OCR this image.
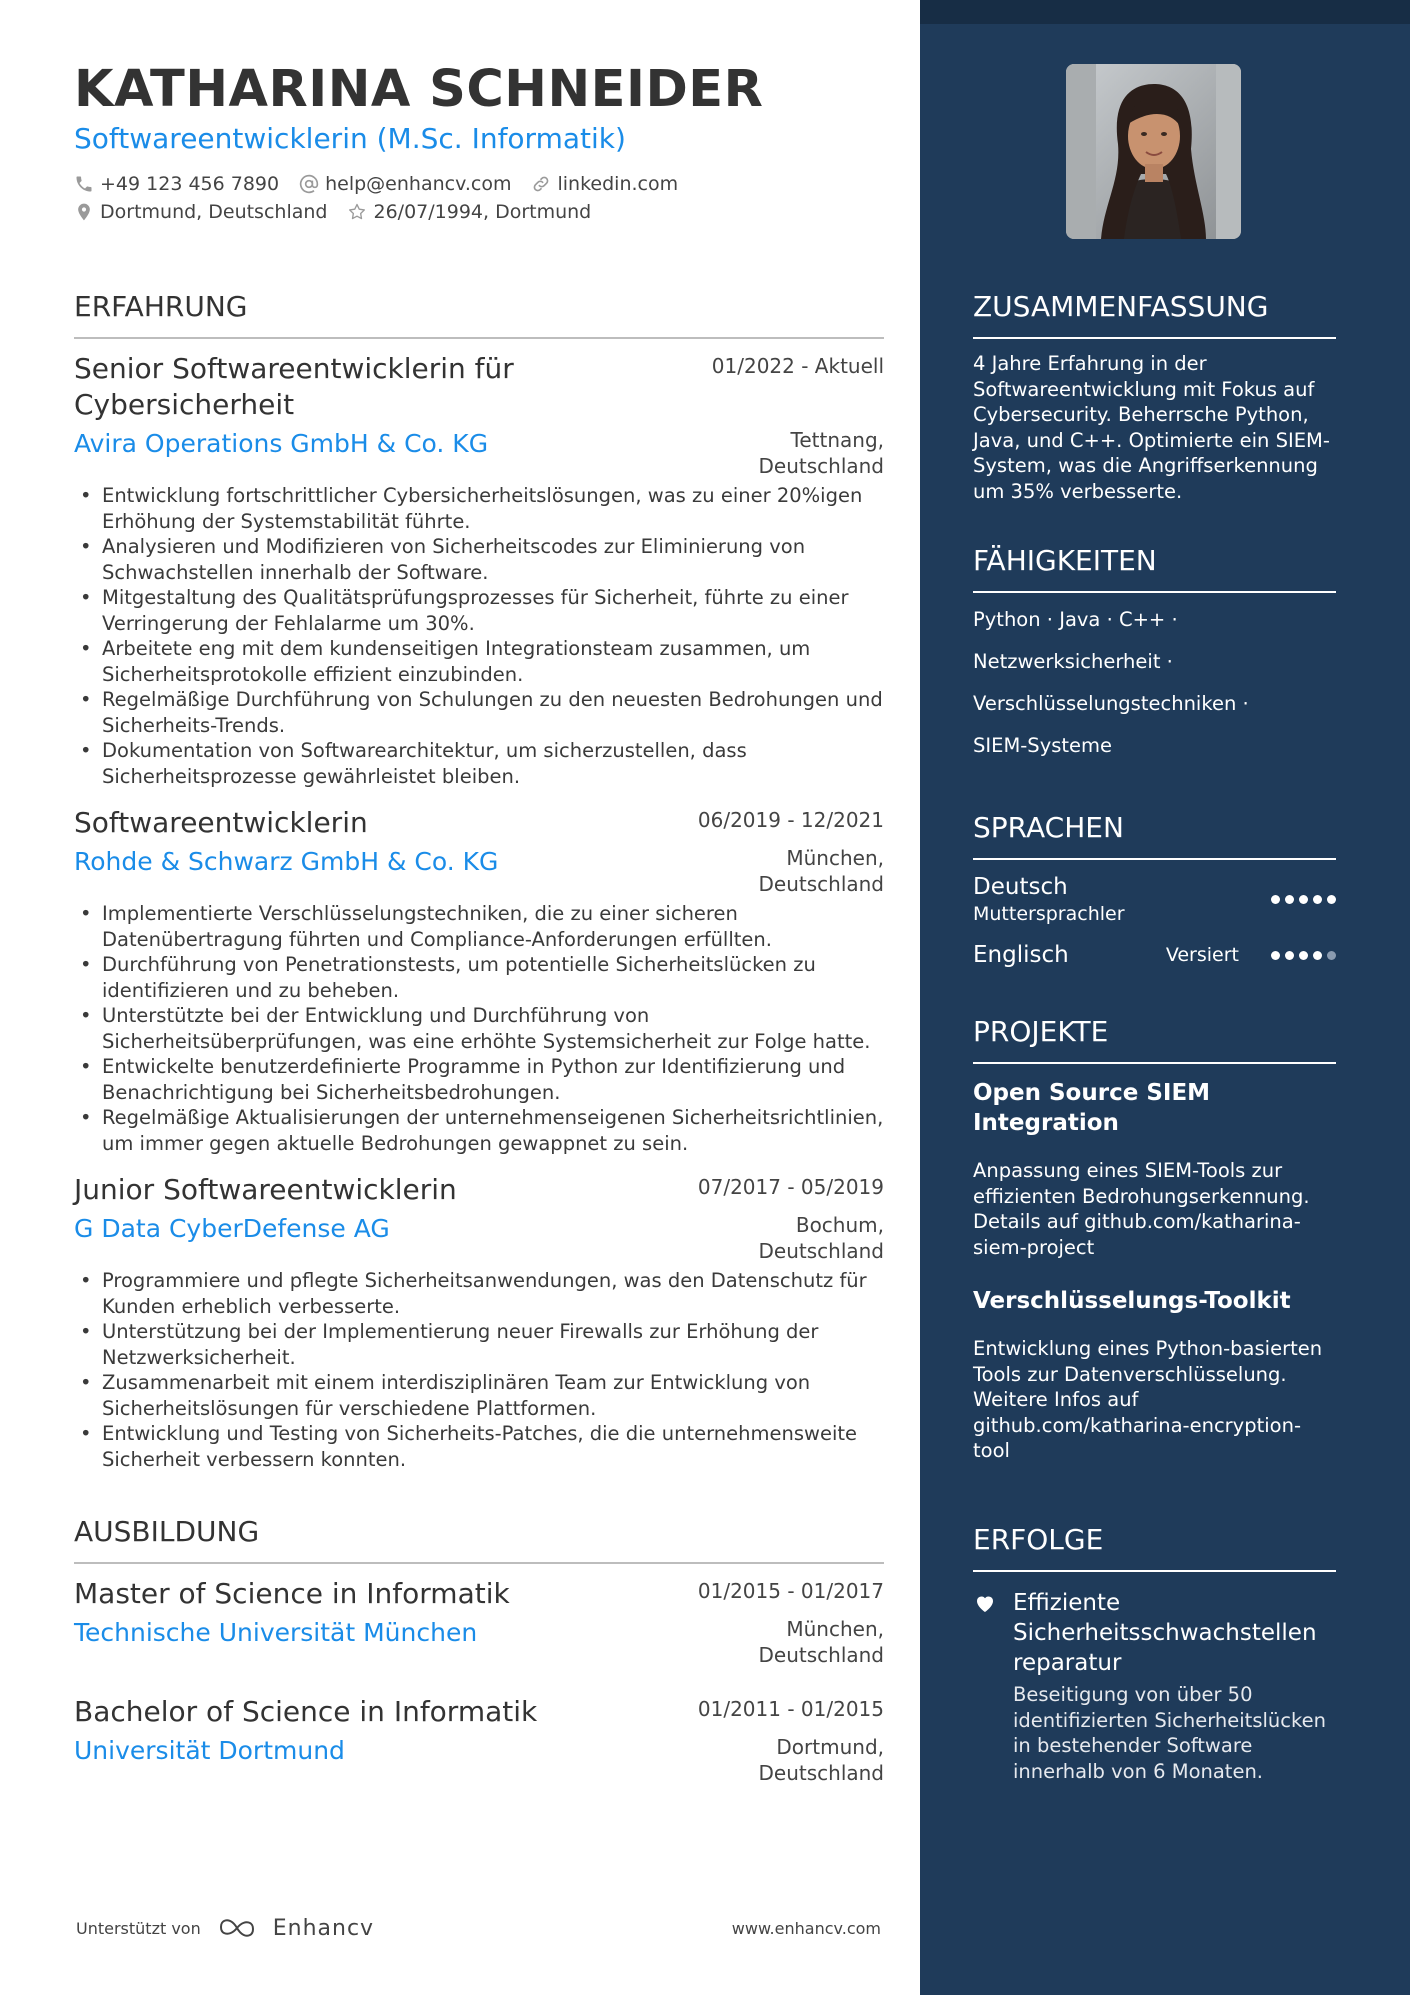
KATHARINA SCHNEIDER
Softwareentwicklerin (M.Sc. Informatik)
+49 123 456 7890 help@enhancv.com linkedin.com
Dortmund, Deutschland 26/07/1994, Dortmund
ERFAHRUNG
Senior Softwareentwicklerin für Cybersicherheit
01/2022 - Aktuell
Avira Operations GmbH & Co. KG	Tettnang,
Deutschland
• Entwicklung fortschrittlicher Cybersicherheitslösungen, was zu einer 20%igen Erhöhung der Systemstabilität führte.
• Analysieren und Modifizieren von Sicherheitscodes zur Eliminierung von Schwachstellen innerhalb der Software.
• Mitgestaltung des Qualitätsprüfungsprozesses für Sicherheit, führte zu einer Verringerung der Fehlalarme um 30%.
• Arbeitete eng mit dem kundenseitigen Integrationsteam zusammen, um Sicherheitsprotokolle effizient einzubinden.
• Regelmäßige Durchführung von Schulungen zu den neuesten Bedrohungen und Sicherheits-Trends.
• Dokumentation von Softwarearchitektur, um sicherzustellen, dass Sicherheitsprozesse gewährleistet bleiben.
Softwareentwicklerin	06/2019 - 12/2021
Rohde & Schwarz GmbH & Co. KG	München,
Deutschland
• Implementierte Verschlüsselungstechniken, die zu einer sicheren Datenübertragung führten und Compliance-Anforderungen erfüllten.
• Durchführung von Penetrationstests, um potentielle Sicherheitslücken zu identifizieren und zu beheben.
• Unterstützte bei der Entwicklung und Durchführung von Sicherheitsüberprüfungen, was eine erhöhte Systemsicherheit zur Folge hatte.
• Entwickelte benutzerdefinierte Programme in Python zur Identifizierung und Benachrichtigung bei Sicherheitsbedrohungen.
• Regelmäßige Aktualisierungen der unternehmenseigenen Sicherheitsrichtlinien, um immer gegen aktuelle Bedrohungen gewappnet zu sein.
Junior Softwareentwicklerin	07/2017 - 05/2019
G Data CyberDefense AG	Bochum,
Deutschland
• Programmiere und pflegte Sicherheitsanwendungen, was den Datenschutz für Kunden erheblich verbesserte.
• Unterstützung bei der Implementierung neuer Firewalls zur Erhöhung der Netzwerksicherheit.
• Zusammenarbeit mit einem interdisziplinären Team zur Entwicklung von Sicherheitslösungen für verschiedene Plattformen.
• Entwicklung und Testing von Sicherheits-Patches, die die unternehmensweite Sicherheit verbessern konnten.
AUSBILDUNG
Master of Science in Informatik	01/2015 - 01/2017
Technische Universität München	München,
Deutschland
Bachelor of Science in Informatik	01/2011 - 01/2015
Universität Dortmund	Dortmund,
Deutschland
Unterstützt von	Enhancv	www.enhancv.com
ZUSAMMENFASSUNG
4 Jahre Erfahrung in der Softwareentwicklung mit Fokus auf Cybersecurity. Beherrsche Python, Java, und C++. Optimierte ein SIEM-System, was die Angriffserkennung um 35% verbesserte.
FÄHIGKEITEN
Python · Java · C++ ·
Netzwerksicherheit ·
Verschlüsselungstechniken ·
SIEM-Systeme
SPRACHEN
Deutsch
Muttersprachler
Englisch	Versiert
PROJEKTE
Open Source SIEM Integration
Anpassung eines SIEM-Tools zur effizienten Bedrohungserkennung. Details auf github.com/katharina-siem-project
Verschlüsselungs-Toolkit
Entwicklung eines Python-basierten Tools zur Datenverschlüsselung. Weitere Infos auf github.com/katharina-encryption-tool
ERFOLGE
Effiziente Sicherheitsschwachstellen reparatur
Beseitigung von über 50 identifizierten Sicherheitslücken in bestehender Software innerhalb von 6 Monaten.
